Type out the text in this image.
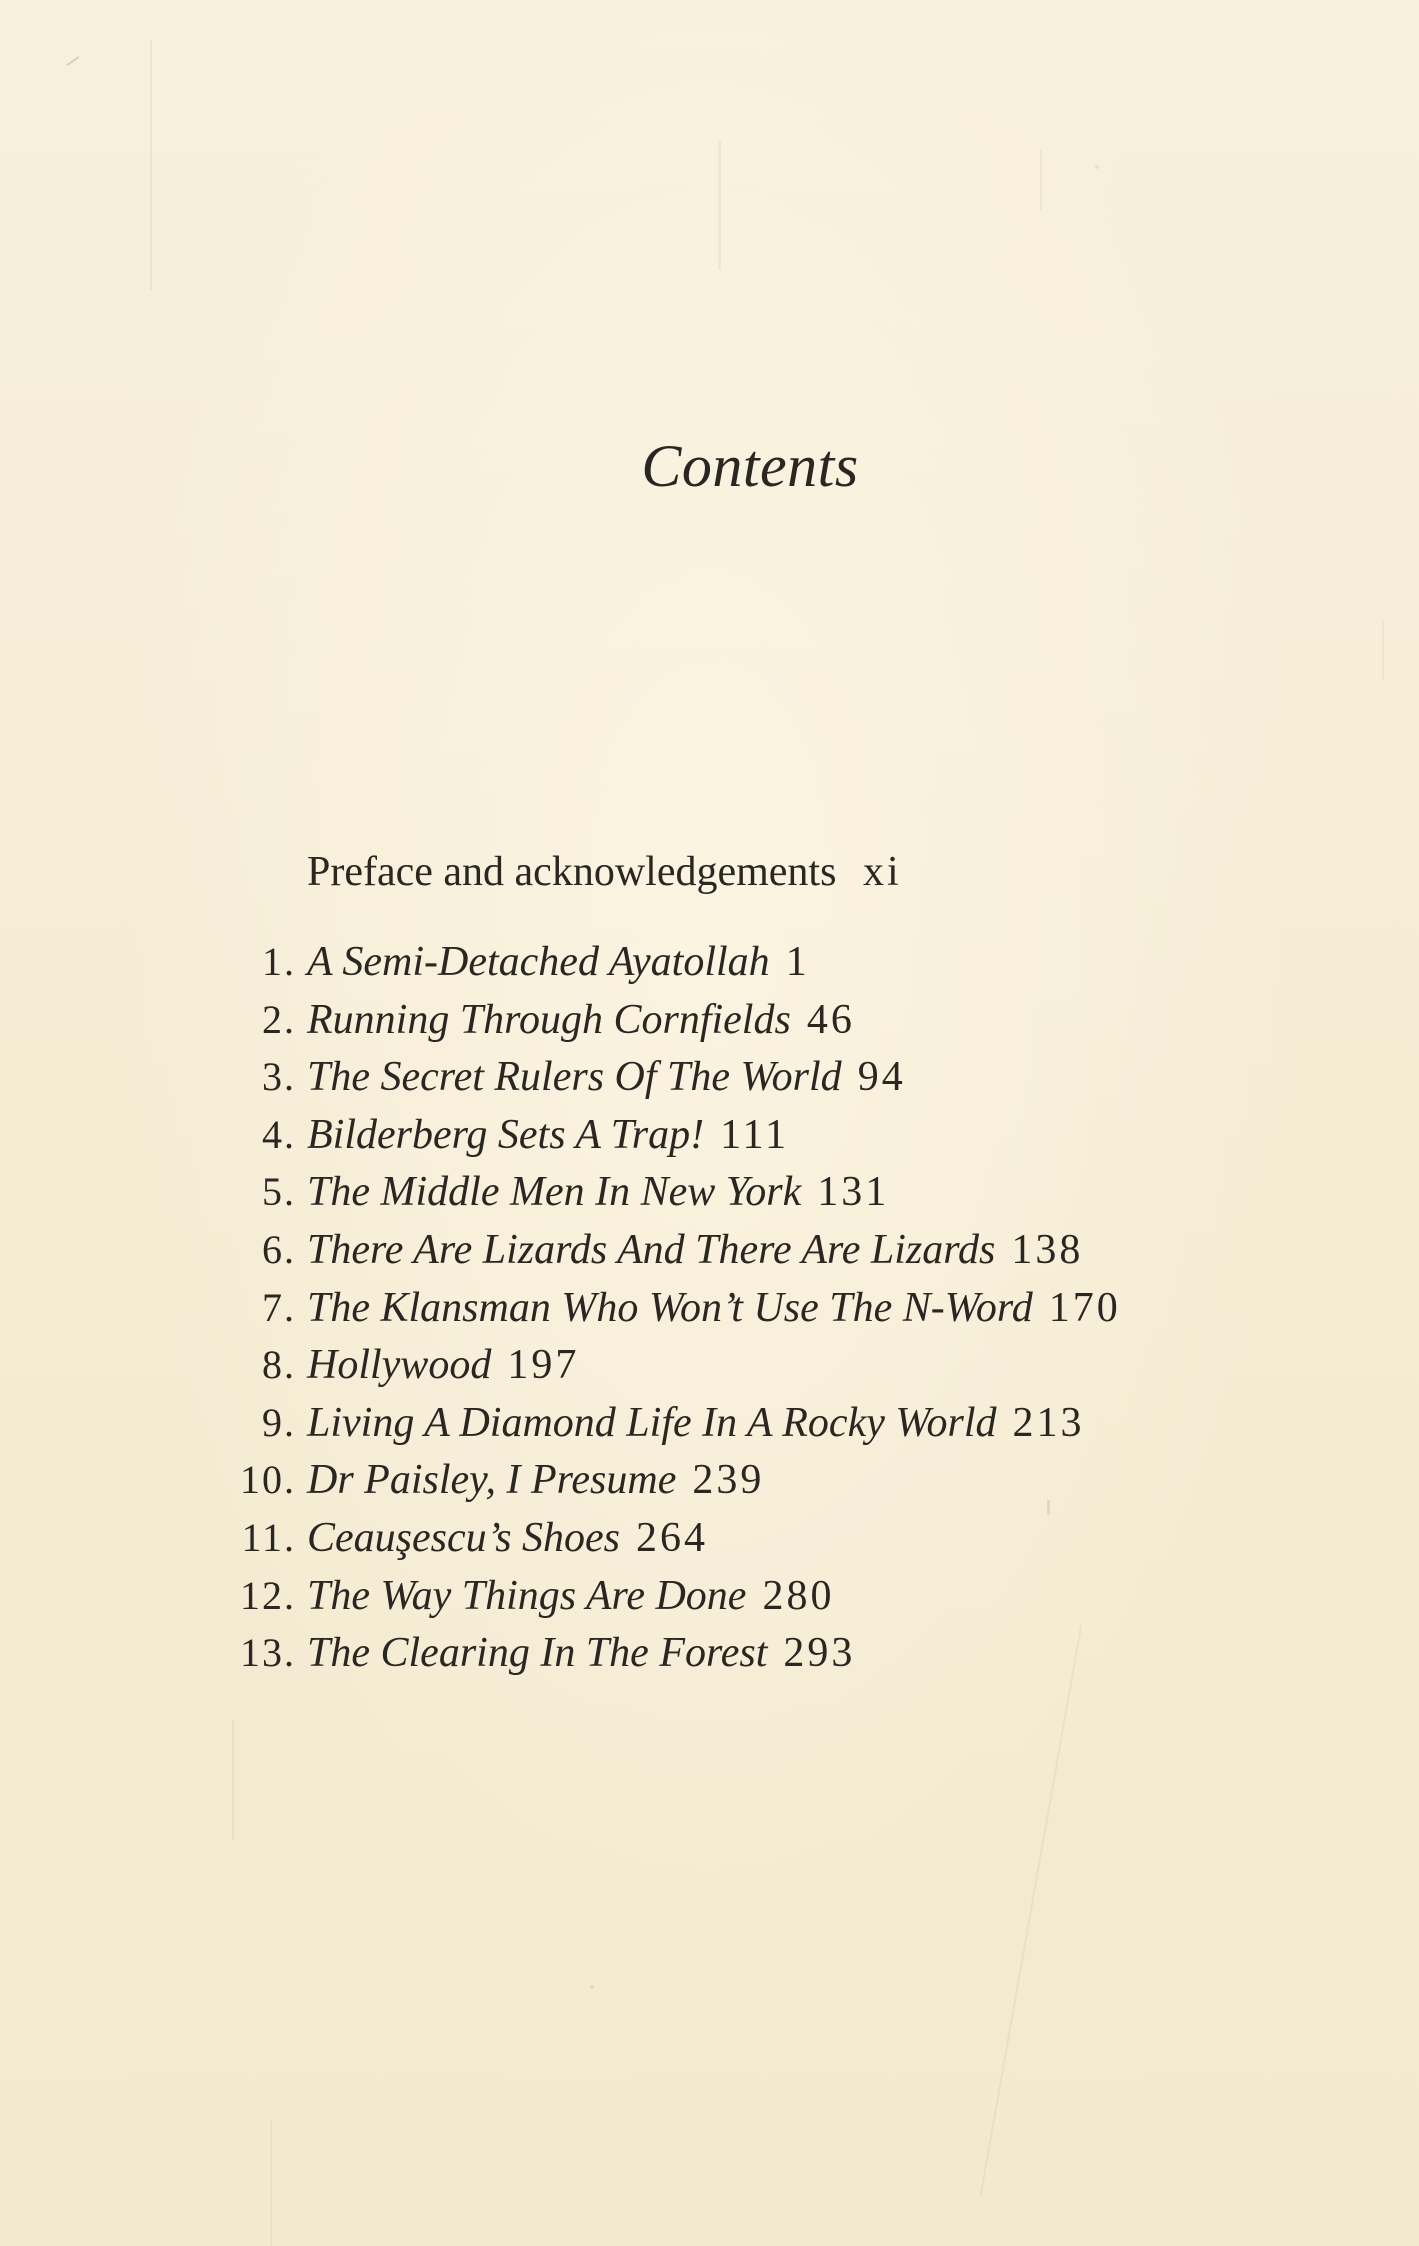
Contents
Preface and acknowledgements xi
1. A Semi-Detached Ayatollah 1
2. Running Through Cornfields 46
3. The Secret Rulers Of The World 94
4. Bilderberg Sets A Trap! 111
5. The Middle Men In New York 131
6. There Are Lizards And There Are Lizards 138
7. The Klansman Who Won’t Use The N-Word 170
8. Hollywood 197
9. Living A Diamond Life In A Rocky World 213
10. Dr Paisley, I Presume 239
11. Ceauşescu’s Shoes 264
12. The Way Things Are Done 280
13. The Clearing In The Forest 293
